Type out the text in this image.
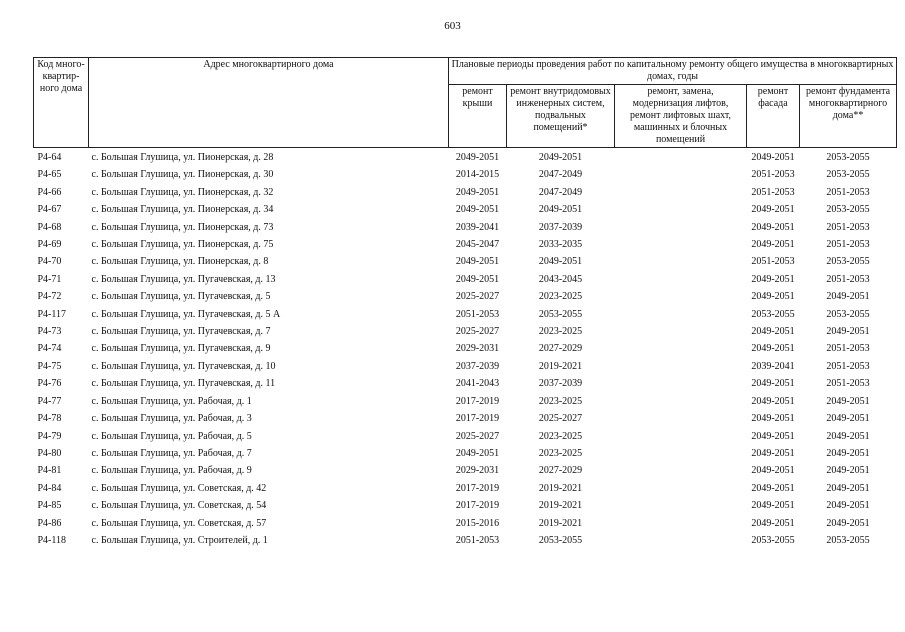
603
Код много-квартир-ного дома	Адрес многоквартирного дома	Плановые периоды проведения работ по капитальному ремонту общего имущества в многоквартирных домах, годы				
		ремонт крыши	ремонт внутридомовых инженерных систем, подвальных помещений*	ремонт, замена, модернизация лифтов, ремонт лифтовых шахт, машинных и блочных помещений	ремонт фасада	ремонт фундамента многоквартирного дома**
Р4-64	с. Большая Глушица, ул. Пионерская, д. 28	2049-2051	2049-2051		2049-2051	2053-2055
Р4-65	с. Большая Глушица, ул. Пионерская, д. 30	2014-2015	2047-2049		2051-2053	2053-2055
Р4-66	с. Большая Глушица, ул. Пионерская, д. 32	2049-2051	2047-2049		2051-2053	2051-2053
Р4-67	с. Большая Глушица, ул. Пионерская, д. 34	2049-2051	2049-2051		2049-2051	2053-2055
Р4-68	с. Большая Глушица, ул. Пионерская, д. 73	2039-2041	2037-2039		2049-2051	2051-2053
Р4-69	с. Большая Глушица, ул. Пионерская, д. 75	2045-2047	2033-2035		2049-2051	2051-2053
Р4-70	с. Большая Глушица, ул. Пионерская, д. 8	2049-2051	2049-2051		2051-2053	2053-2055
Р4-71	с. Большая Глушица, ул. Пугачевская, д. 13	2049-2051	2043-2045		2049-2051	2051-2053
Р4-72	с. Большая Глушица, ул. Пугачевская, д. 5	2025-2027	2023-2025		2049-2051	2049-2051
Р4-117	с. Большая Глушица, ул. Пугачевская, д. 5 А	2051-2053	2053-2055		2053-2055	2053-2055
Р4-73	с. Большая Глушица, ул. Пугачевская, д. 7	2025-2027	2023-2025		2049-2051	2049-2051
Р4-74	с. Большая Глушица, ул. Пугачевская, д. 9	2029-2031	2027-2029		2049-2051	2051-2053
Р4-75	с. Большая Глушица, ул. Пугачевская, д. 10	2037-2039	2019-2021		2039-2041	2051-2053
Р4-76	с. Большая Глушица, ул. Пугачевская, д. 11	2041-2043	2037-2039		2049-2051	2051-2053
Р4-77	с. Большая Глушица, ул. Рабочая, д. 1	2017-2019	2023-2025		2049-2051	2049-2051
Р4-78	с. Большая Глушица, ул. Рабочая, д. 3	2017-2019	2025-2027		2049-2051	2049-2051
Р4-79	с. Большая Глушица, ул. Рабочая, д. 5	2025-2027	2023-2025		2049-2051	2049-2051
Р4-80	с. Большая Глушица, ул. Рабочая, д. 7	2049-2051	2023-2025		2049-2051	2049-2051
Р4-81	с. Большая Глушица, ул. Рабочая, д. 9	2029-2031	2027-2029		2049-2051	2049-2051
Р4-84	с. Большая Глушица, ул. Советская, д. 42	2017-2019	2019-2021		2049-2051	2049-2051
Р4-85	с. Большая Глушица, ул. Советская, д. 54	2017-2019	2019-2021		2049-2051	2049-2051
Р4-86	с. Большая Глушица, ул. Советская, д. 57	2015-2016	2019-2021		2049-2051	2049-2051
Р4-118	с. Большая Глушица, ул. Строителей, д. 1	2051-2053	2053-2055		2053-2055	2053-2055
